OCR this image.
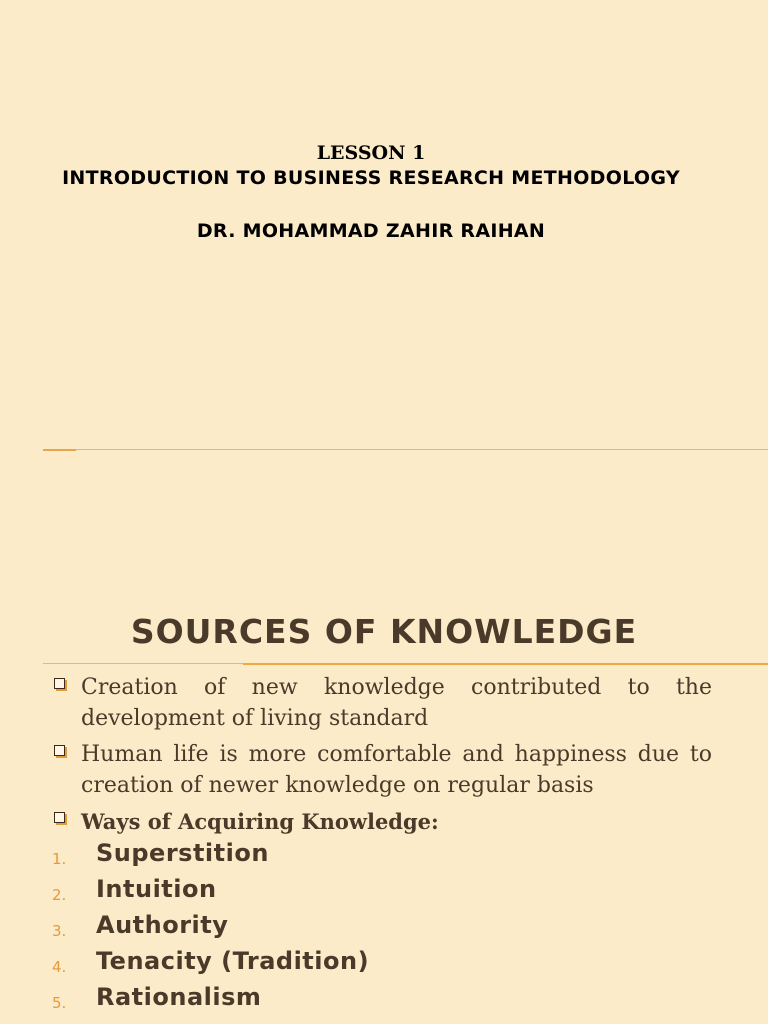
LESSON 1
INTRODUCTION TO BUSINESS RESEARCH METHODOLOGY
DR. MOHAMMAD ZAHIR RAIHAN
SOURCES OF KNOWLEDGE
Creation of new knowledge contributed to the development of living standard
Human life is more comfortable and happiness due to creation of newer knowledge on regular basis
Ways of Acquiring Knowledge:
1. Superstition
2. Intuition
3. Authority
4. Tenacity (Tradition)
5. Rationalism
